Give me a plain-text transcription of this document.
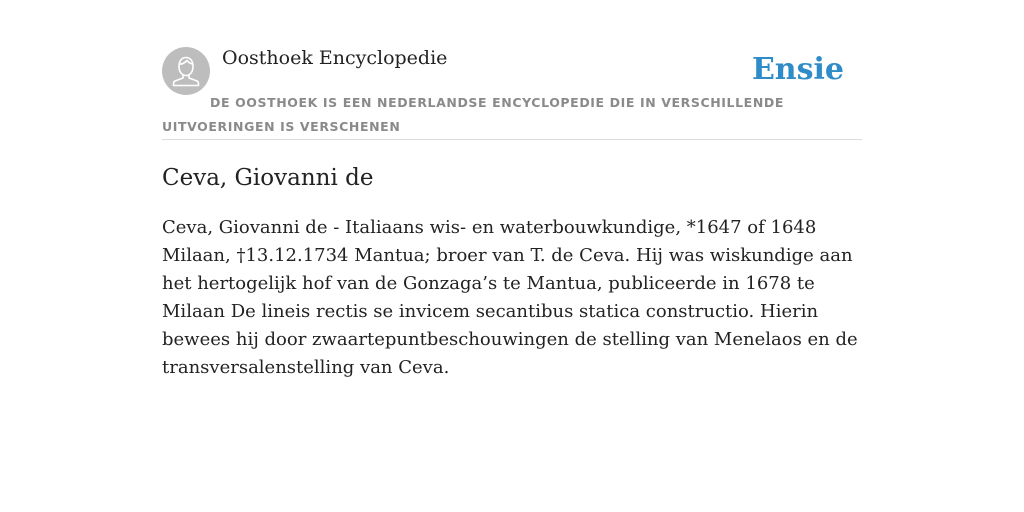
Oosthoek Encyclopedie	Ensie
DE OOSTHOEK IS EEN NEDERLANDSE ENCYCLOPEDIE DIE IN VERSCHILLENDE UITVOERINGEN IS VERSCHENEN
Ceva, Giovanni de

Ceva, Giovanni de - Italiaans wis- en waterbouwkundige, *1647 of 1648 Milaan, †13.12.1734 Mantua; broer van T. de Ceva. Hij was wiskundige aan het hertogelijk hof van de Gonzaga’s te Mantua, publiceerde in 1678 te Milaan De lineis rectis se invicem secantibus statica constructio. Hierin bewees hij door zwaartepuntbeschouwingen de stelling van Menelaos en de transversalenstelling van Ceva.
